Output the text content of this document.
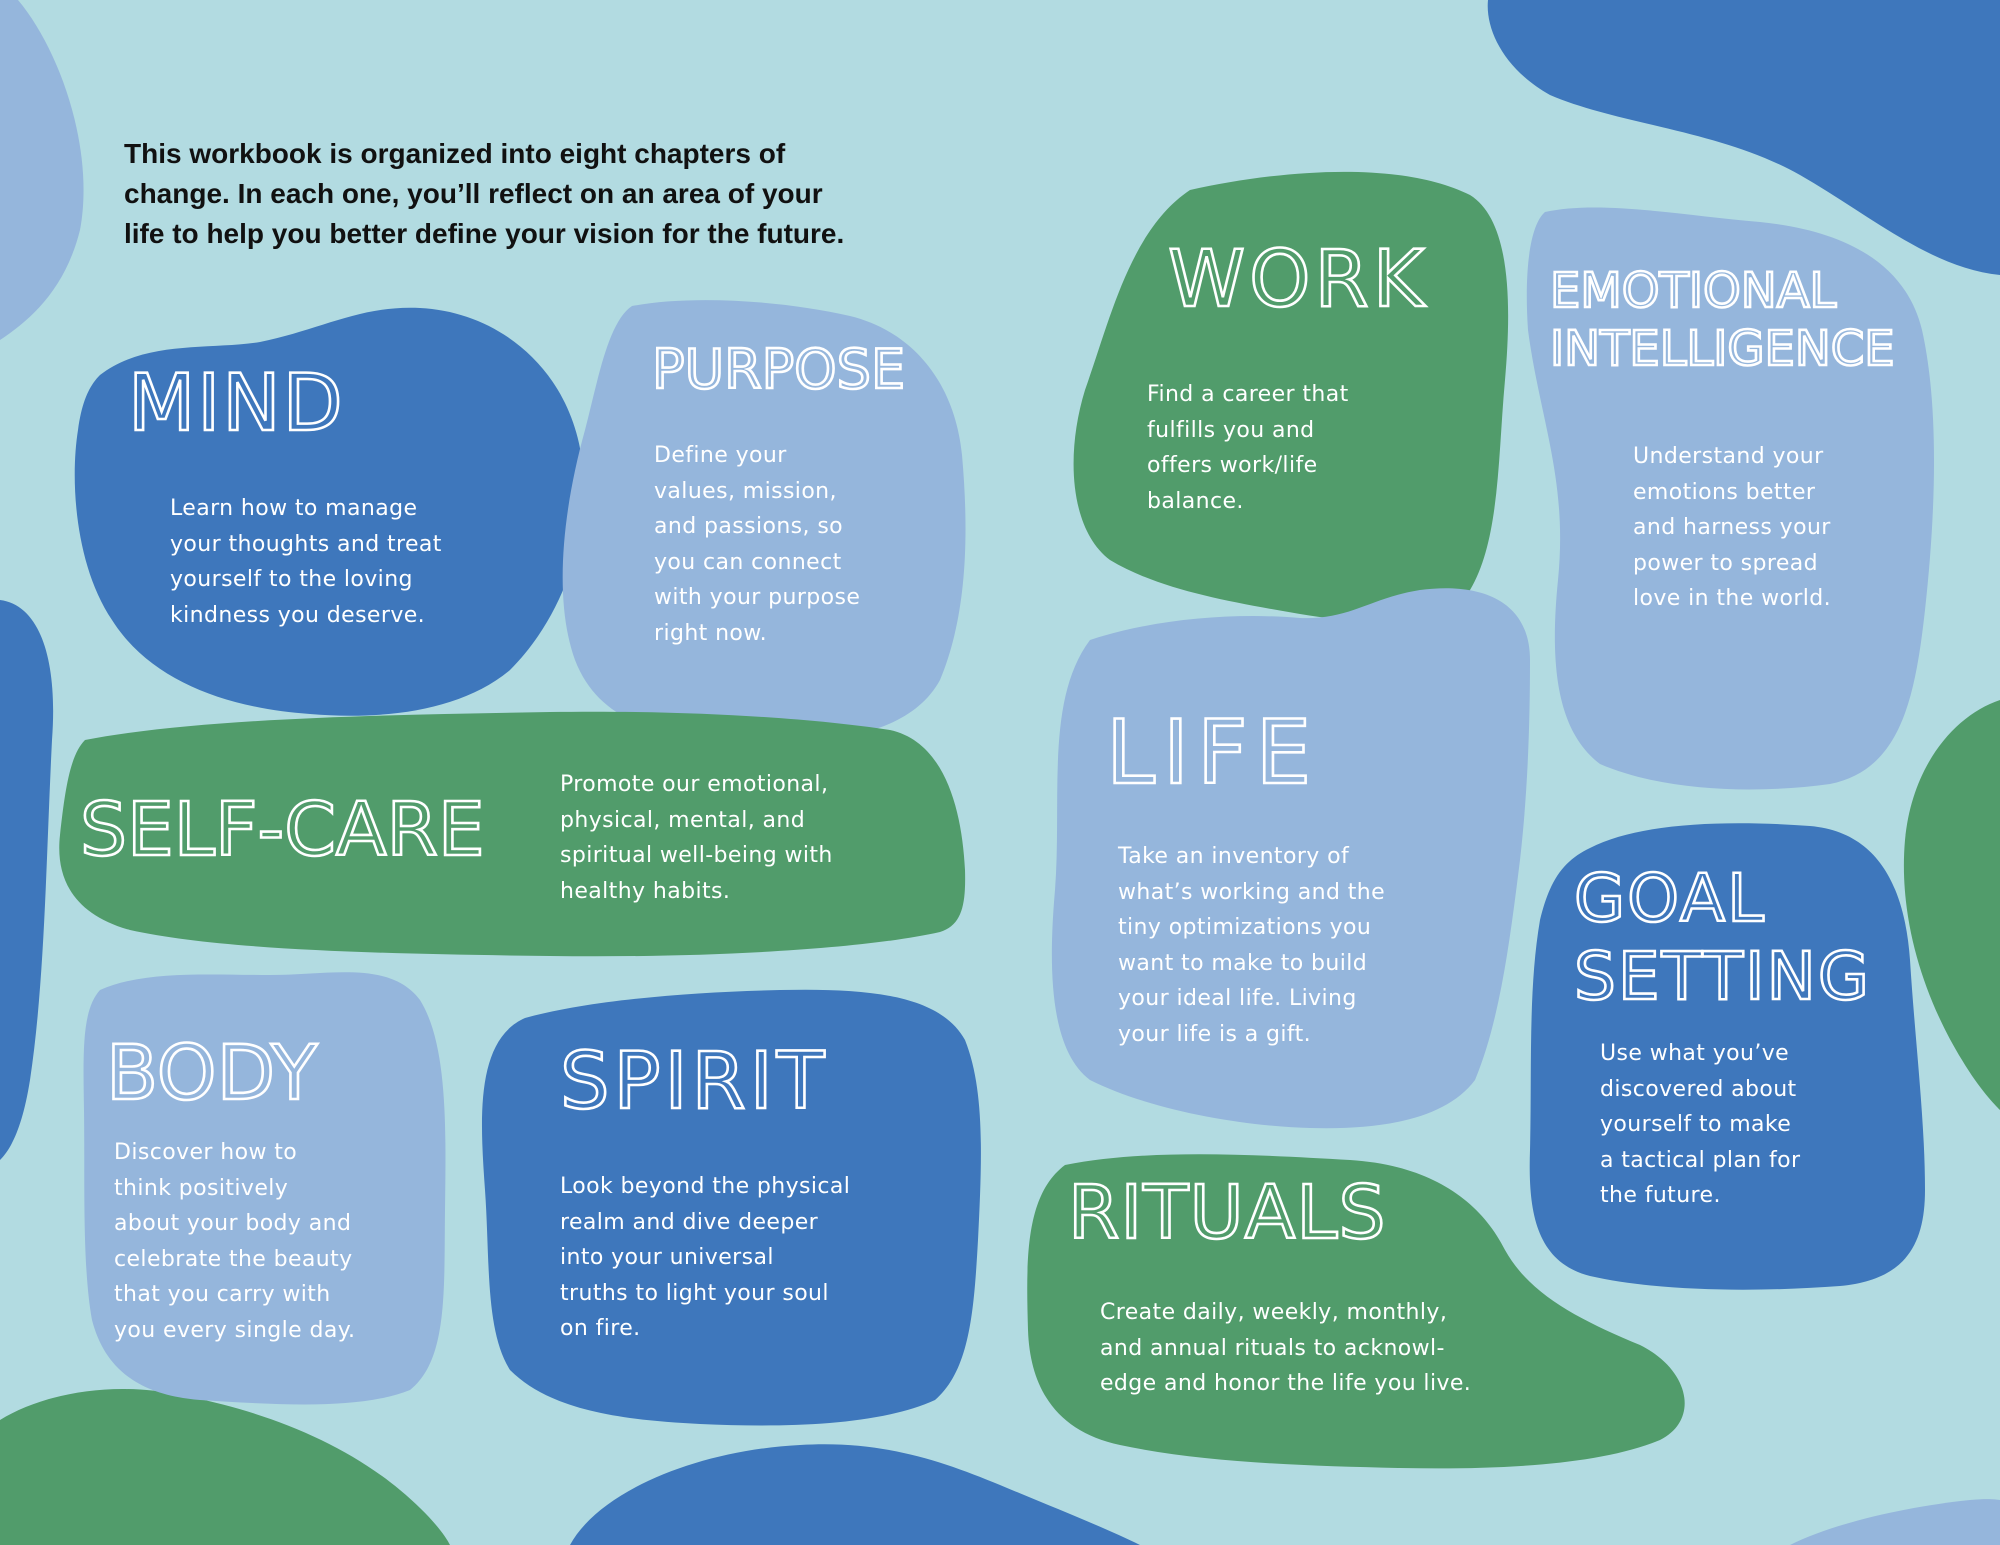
This workbook is organized into eight chapters of change. In each one, you’ll reflect on an area of your life to help you better define your vision for the future.

MIND
Learn how to manage
your thoughts and treat
yourself to the loving
kindness you deserve.
PURPOSE
Define your
values, mission,
and passions, so
you can connect
with your purpose
right now.
WORK
Find a career that
fulfills you and
offers work/life
balance.
EMOTIONAL
INTELLIGENCE
Understand your
emotions better
and harness your
power to spread
love in the world.
SELF-CARE
Promote our emotional,
physical, mental, and
spiritual well-being with
healthy habits.
LIFE
Take an inventory of
what’s working and the
tiny optimizations you
want to make to build
your ideal life. Living
your life is a gift.
GOAL
SETTING
Use what you’ve
discovered about
yourself to make
a tactical plan for
the future.
BODY
Discover how to
think positively
about your body and
celebrate the beauty
that you carry with
you every single day.
SPIRIT
Look beyond the physical
realm and dive deeper
into your universal
truths to light your soul
on fire.
RITUALS
Create daily, weekly, monthly,
and annual rituals to acknowl-
edge and honor the life you live.
